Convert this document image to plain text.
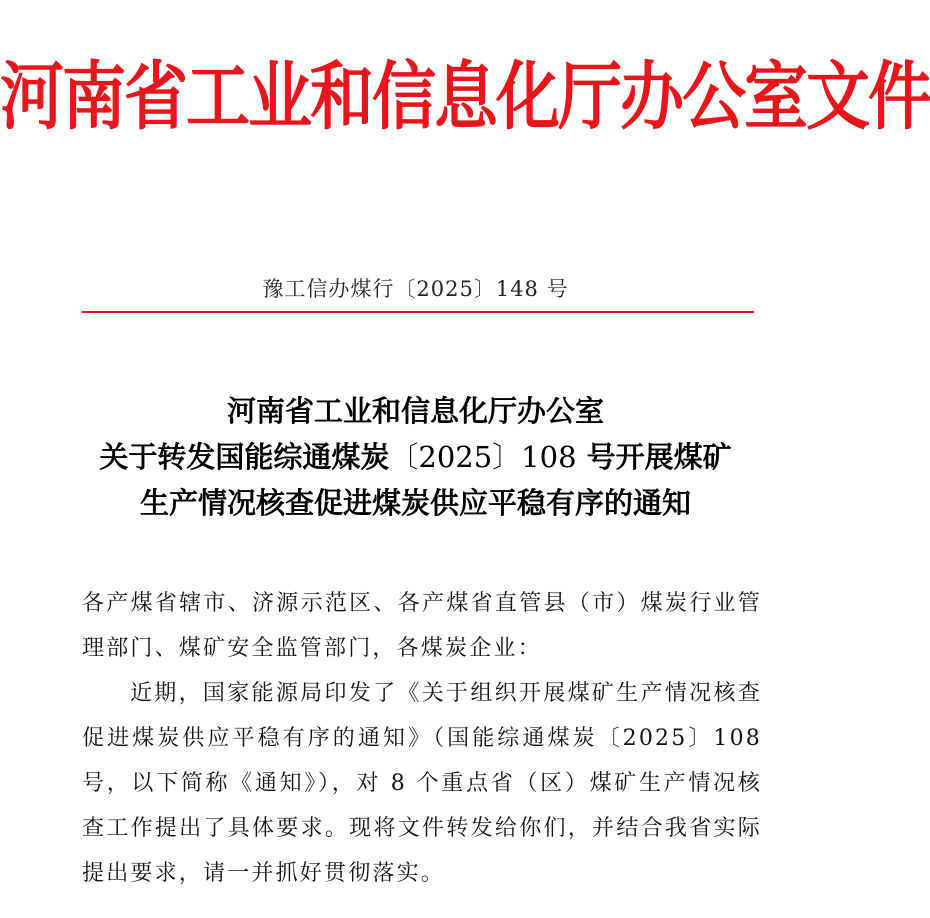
河南省工业和信息化厅办公室文件
豫工信办煤行〔2025〕148 号
河南省工业和信息化厅办公室
关于转发国能综通煤炭〔2025〕108 号开展煤矿
生产情况核查促进煤炭供应平稳有序的通知

各产煤省辖市、济源示范区、各产煤省直管县（市）煤炭行业管理部门、煤矿安全监管部门，各煤炭企业：

近期，国家能源局印发了《关于组织开展煤矿生产情况核查促进煤炭供应平稳有序的通知》（国能综通煤炭〔2025〕108 号，以下简称《通知》），对 8 个重点省（区）煤矿生产情况核查工作提出了具体要求。现将文件转发给你们，并结合我省实际提出要求，请一并抓好贯彻落实。
